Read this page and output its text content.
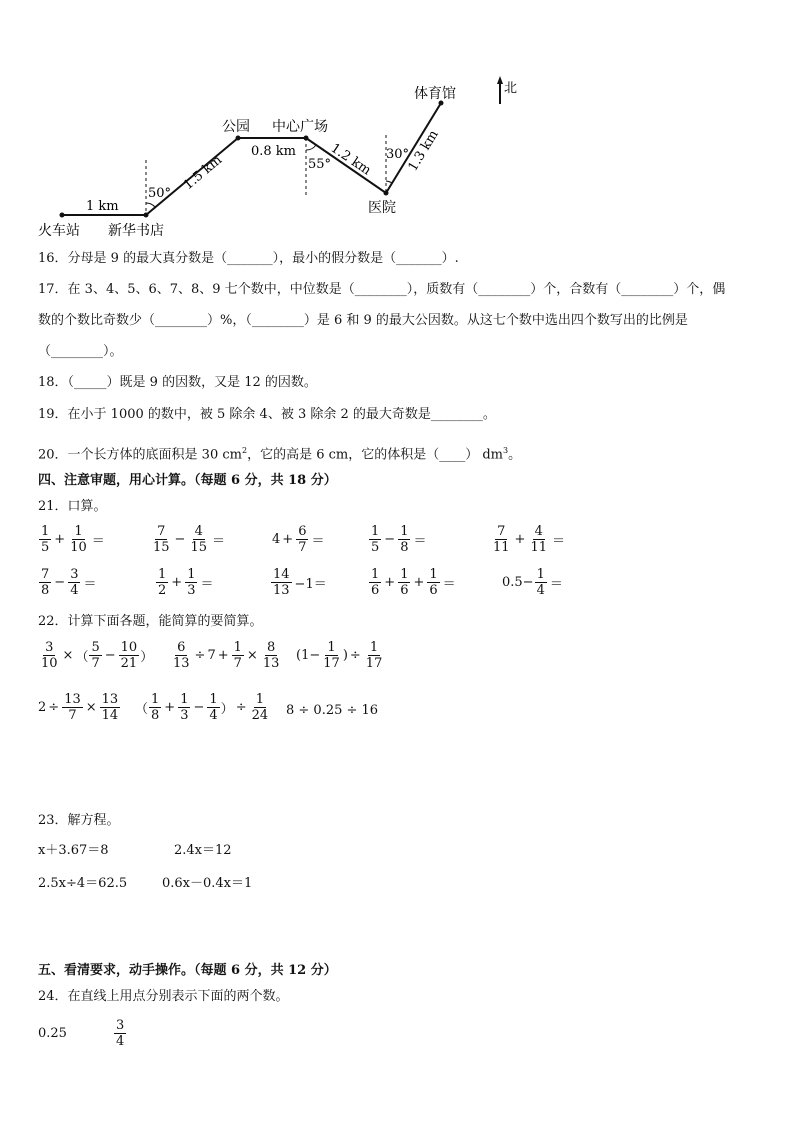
火车站 新华书店
公园 中心广场
医院
体育馆	北
1 km
1.5 km
0.8 km 1.2 km 1.3 km
50°
55°
30°
16．分母是 9 的最大真分数是（_______），最小的假分数是（_______）.
17．在 3、4、5、6、7、8、9 七个数中，中位数是（________），质数有（________）个，合数有（________）个，偶
数的个数比奇数少（________）%，（________）是 6 和 9 的最大公因数。从这七个数中选出四个数写出的比例是
（________）。
18．（_____）既是 9 的因数，又是 12 的因数。
19．在小于 1000 的数中，被 5 除余 4、被 3 除余 2 的最大奇数是________。
20．一个长方体的底面积是 30 $cm^2$，它的高是 6 cm，它的体积是（____） $dm^3$。
四、注意审题，用心计算。（每题 6 分，共 18 分）
21．口算。
$\frac{1}{5} + \frac{1}{10}$ ＝	$\frac{7}{15} - \frac{4}{15}$ ＝	$4 + \frac{6}{7}$ ＝	$\frac{1}{5} - \frac{1}{8}$ ＝	$\frac{7}{11} + \frac{4}{11}$ ＝
$\frac{7}{8} - \frac{3}{4}$ ＝	$\frac{1}{2} + \frac{1}{3}$ ＝	$\frac{14}{13} -1=$	$\frac{1}{6} + \frac{1}{6} + \frac{1}{6}$ ＝	$0.5- \frac{1}{4}$ ＝
22．计算下面各题，能简算的要简算。
$\frac{3}{10}$ × （ $\frac{5}{7} - \frac{10}{21}$ ） $\frac{6}{13} \div 7 + \frac{1}{7} \times \frac{8}{13}$ ( $1 - \frac{1}{17}$ ) ÷ $\frac{1}{17}$
$2 \div \frac{13}{7} \times \frac{13}{14}$ （ $\frac{1}{8} + \frac{1}{3} - \frac{1}{4}$ ） ÷ $\frac{1}{24} 8 \div 0.25 \div 16$
23．解方程。
x＋3.67＝8	2.4x＝12
2.5x÷4＝62.5	0.6x－0.4x＝1
五、看清要求，动手操作。（每题 6 分，共 12 分）
24．在直线上用点分别表示下面的两个数。
0.25	$\frac{3}{4}$
